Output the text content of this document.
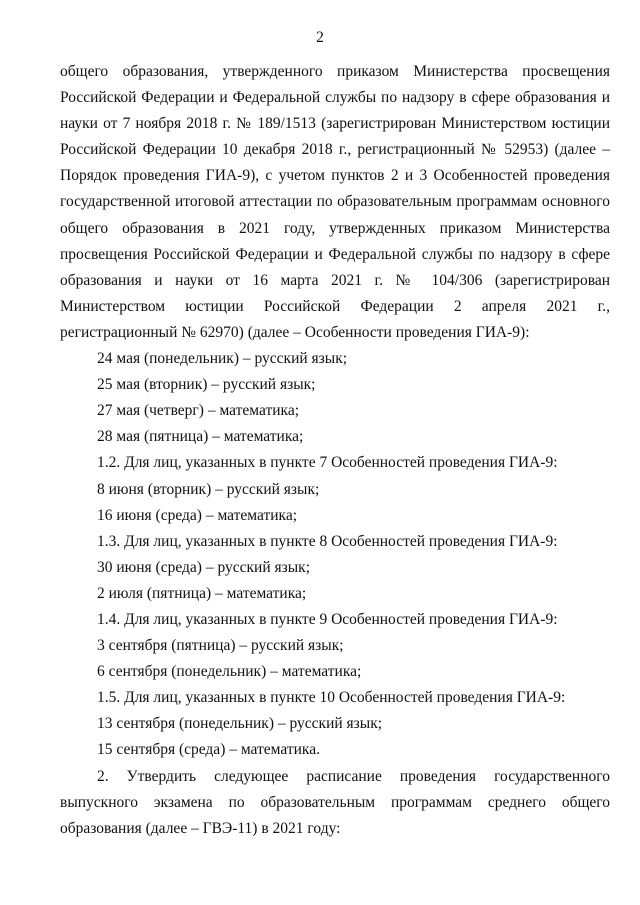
2

общего образования, утвержденного приказом Министерства просвещения Российской Федерации и Федеральной службы по надзору в сфере образования и науки от 7 ноября 2018 г. № 189/1513 (зарегистрирован Министерством юстиции Российской Федерации 10 декабря 2018 г., регистрационный № 52953) (далее – Порядок проведения ГИА-9), с учетом пунктов 2 и 3 Особенностей проведения государственной итоговой аттестации по образовательным программам основного общего образования в 2021 году, утвержденных приказом Министерства просвещения Российской Федерации и Федеральной службы по надзору в сфере образования и науки от 16 марта 2021 г. № 104/306 (зарегистрирован Министерством юстиции Российской Федерации 2 апреля 2021 г., регистрационный № 62970) (далее – Особенности проведения ГИА-9):

24 мая (понедельник) – русский язык;

25 мая (вторник) – русский язык;

27 мая (четверг) – математика;

28 мая (пятница) – математика;

1.2. Для лиц, указанных в пункте 7 Особенностей проведения ГИА-9:

8 июня (вторник) – русский язык;

16 июня (среда) – математика;

1.3. Для лиц, указанных в пункте 8 Особенностей проведения ГИА-9:

30 июня (среда) – русский язык;

2 июля (пятница) – математика;

1.4. Для лиц, указанных в пункте 9 Особенностей проведения ГИА-9:

3 сентября (пятница) – русский язык;

6 сентября (понедельник) – математика;

1.5. Для лиц, указанных в пункте 10 Особенностей проведения ГИА-9:

13 сентября (понедельник) – русский язык;

15 сентября (среда) – математика.

2. Утвердить следующее расписание проведения государственного выпускного экзамена по образовательным программам среднего общего образования (далее – ГВЭ-11) в 2021 году:
